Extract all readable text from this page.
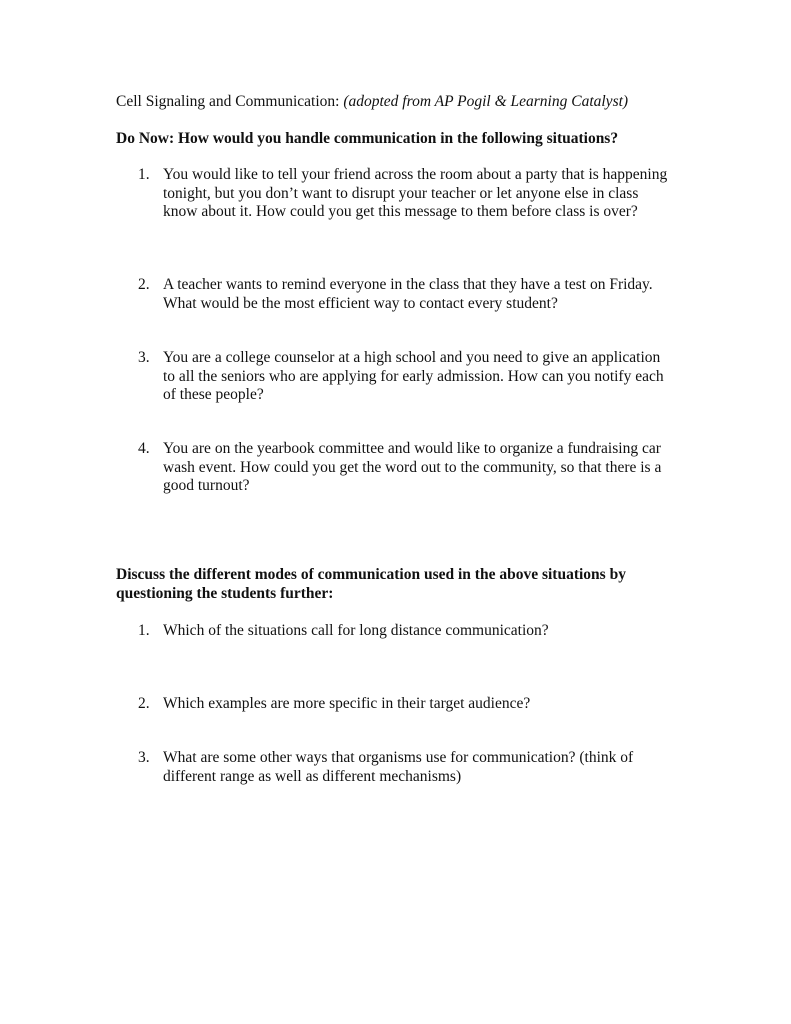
Cell Signaling and Communication: (adopted from AP Pogil & Learning Catalyst)
Do Now: How would you handle communication in the following situations?
1. You would like to tell your friend across the room about a party that is happening tonight, but you don’t want to disrupt your teacher or let anyone else in class know about it. How could you get this message to them before class is over?
2. A teacher wants to remind everyone in the class that they have a test on Friday. What would be the most efficient way to contact every student?
3. You are a college counselor at a high school and you need to give an application to all the seniors who are applying for early admission. How can you notify each of these people?
4. You are on the yearbook committee and would like to organize a fundraising car wash event. How could you get the word out to the community, so that there is a good turnout?
Discuss the different modes of communication used in the above situations by questioning the students further:
1. Which of the situations call for long distance communication?
2. Which examples are more specific in their target audience?
3. What are some other ways that organisms use for communication? (think of different range as well as different mechanisms)
